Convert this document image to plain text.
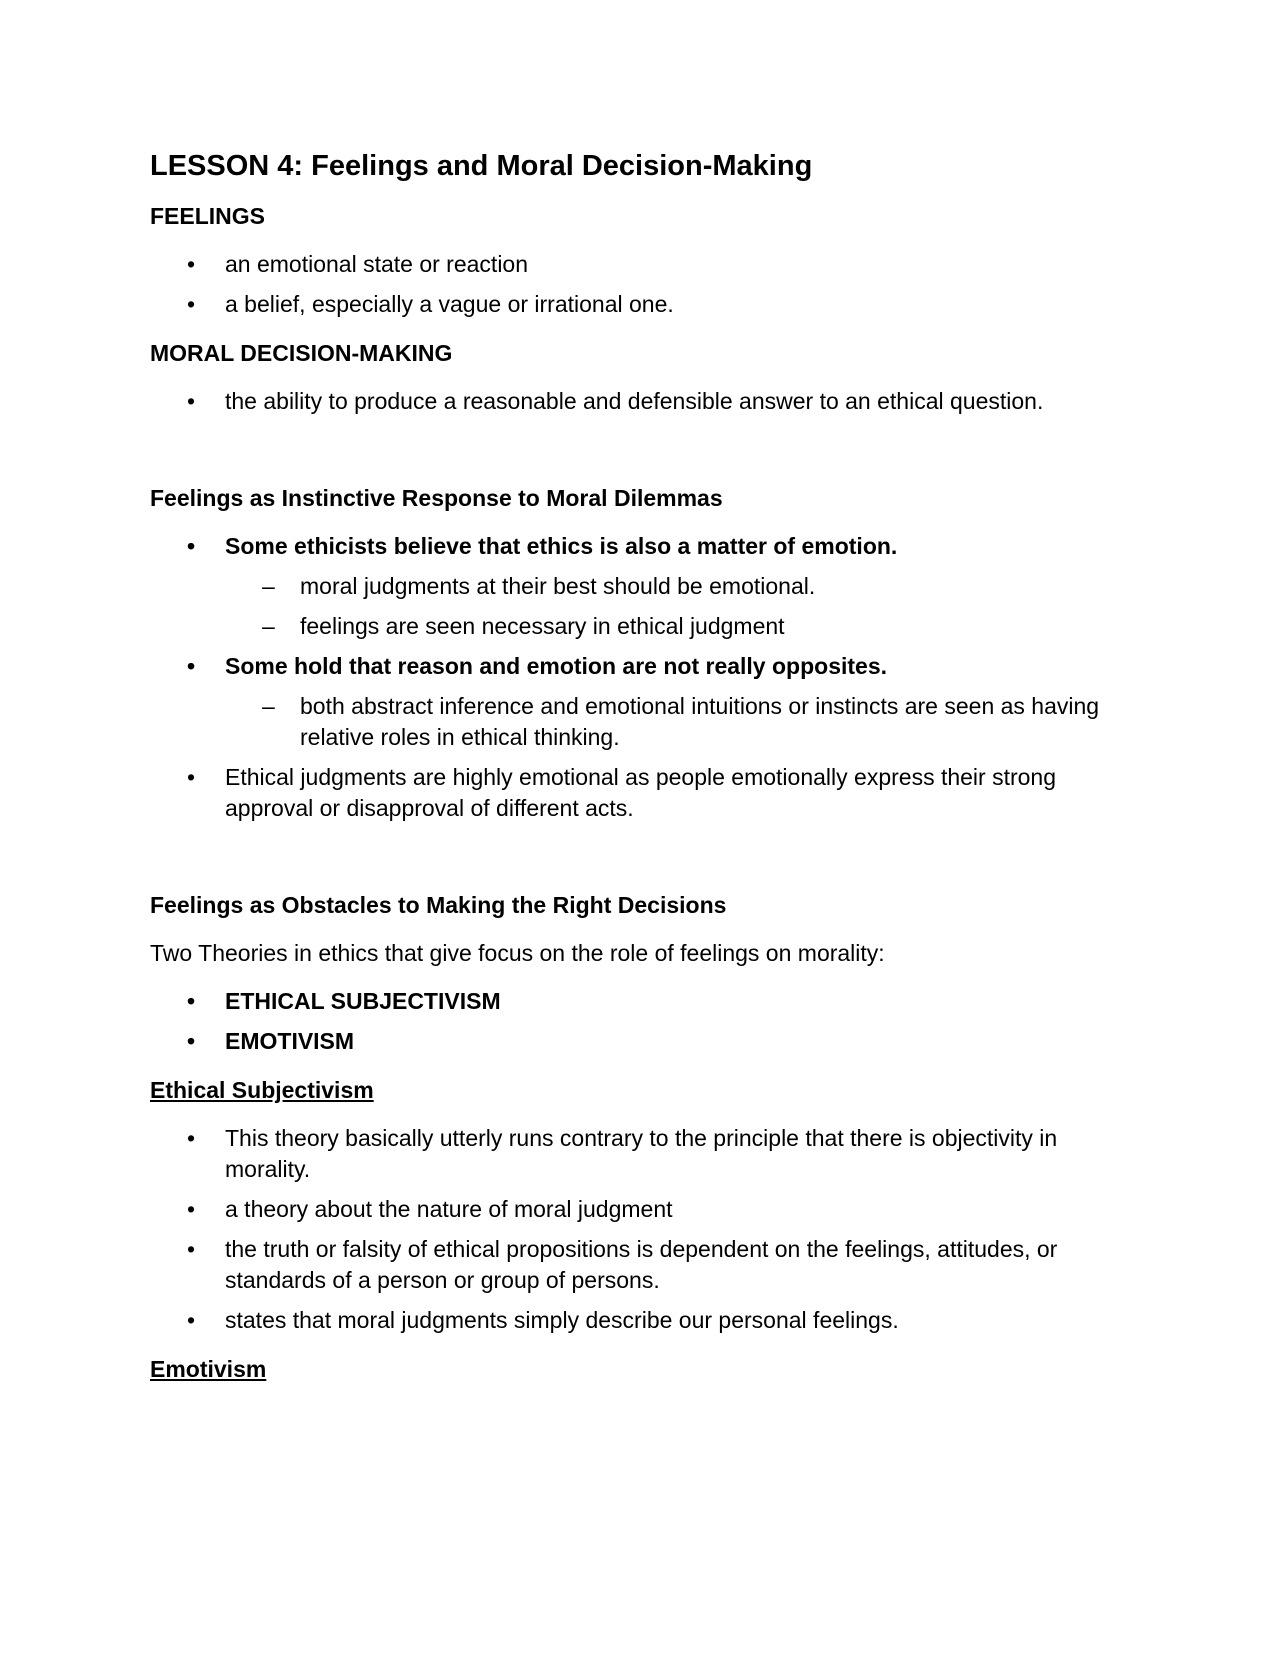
LESSON 4: Feelings and Moral Decision-Making
FEELINGS
• an emotional state or reaction
• a belief, especially a vague or irrational one.
MORAL DECISION-MAKING
• the ability to produce a reasonable and defensible answer to an ethical question.
Feelings as Instinctive Response to Moral Dilemmas
• Some ethicists believe that ethics is also a matter of emotion.
– moral judgments at their best should be emotional.
– feelings are seen necessary in ethical judgment
• Some hold that reason and emotion are not really opposites.
– both abstract inference and emotional intuitions or instincts are seen as having relative roles in ethical thinking.
• Ethical judgments are highly emotional as people emotionally express their strong approval or disapproval of different acts.
Feelings as Obstacles to Making the Right Decisions

Two Theories in ethics that give focus on the role of feelings on morality:

• ETHICAL SUBJECTIVISM
• EMOTIVISM
Ethical Subjectivism
• This theory basically utterly runs contrary to the principle that there is objectivity in morality.
• a theory about the nature of moral judgment
• the truth or falsity of ethical propositions is dependent on the feelings, attitudes, or standards of a person or group of persons.
• states that moral judgments simply describe our personal feelings.
Emotivism
